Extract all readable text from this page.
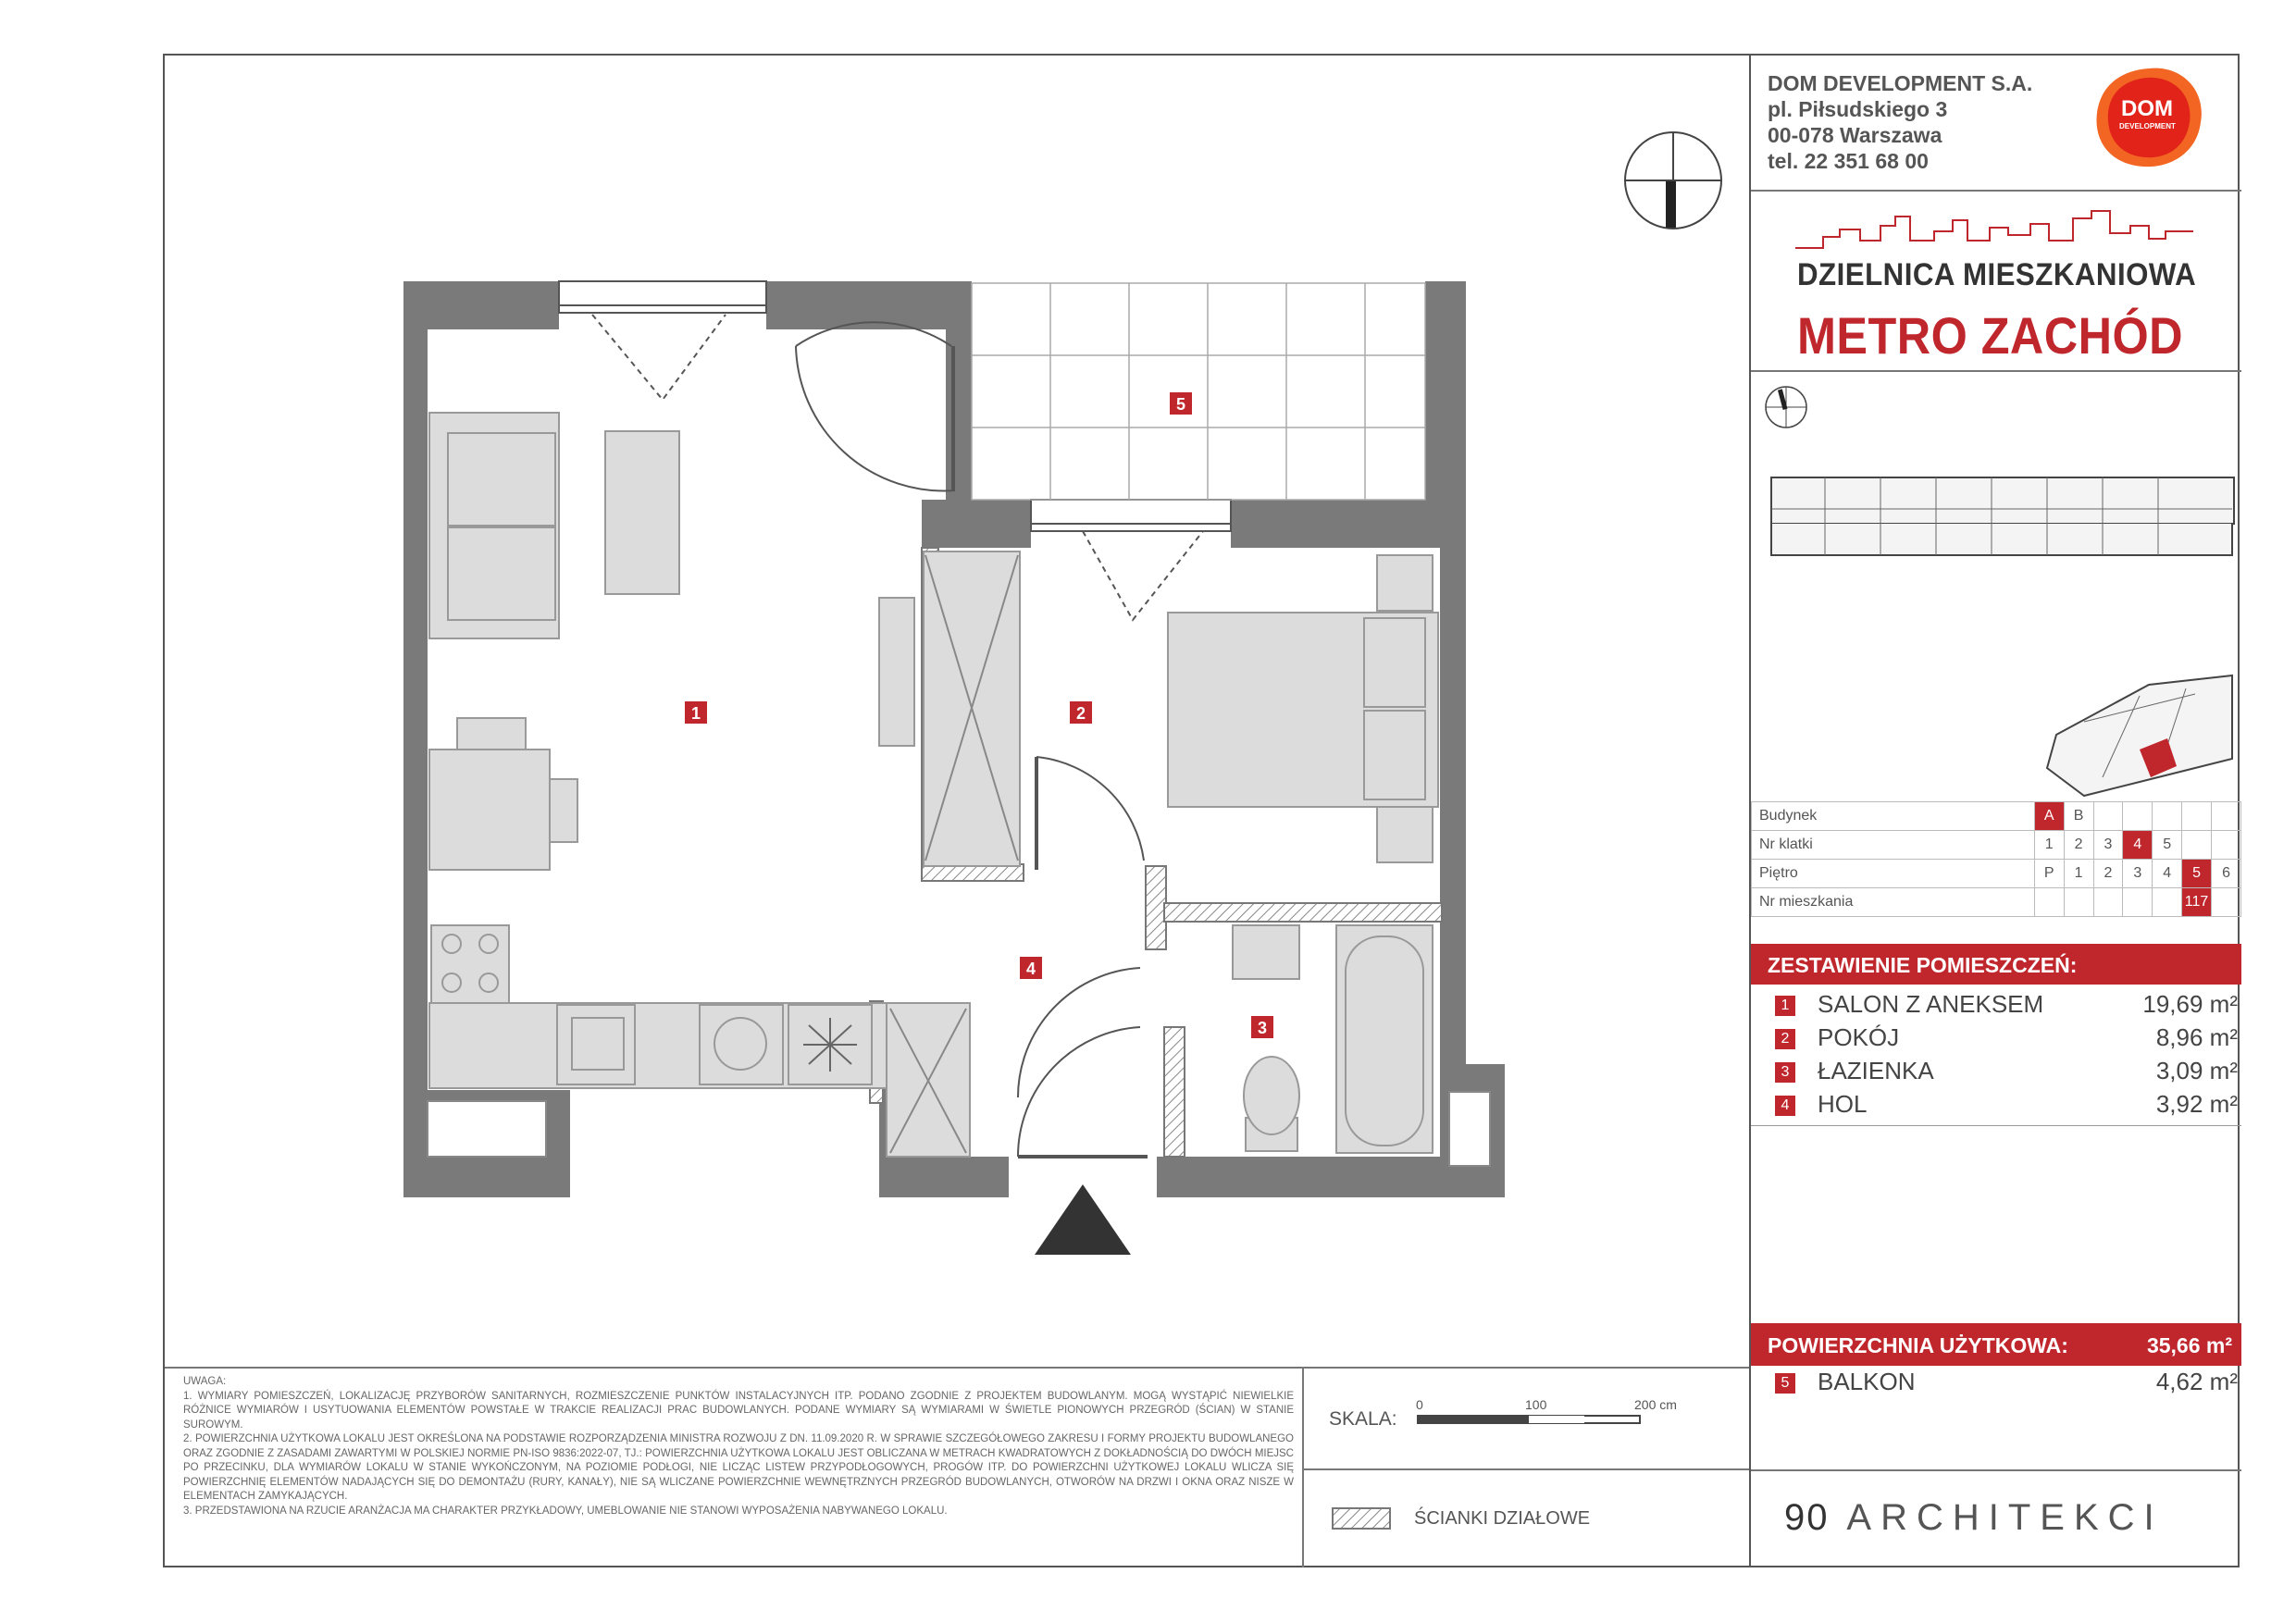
1	2
3
4
5
UWAGA:
1. WYMIARY POMIESZCZEŃ, LOKALIZACJĘ PRZYBORÓW SANITARNYCH, ROZMIESZCZENIE PUNKTÓW INSTALACYJNYCH ITP. PODANO ZGODNIE Z PROJEKTEM BUDOWLANYM. MOGĄ WYSTĄPIĆ NIEWIELKIE RÓŻNICE WYMIARÓW I USYTUOWANIA ELEMENTÓW POWSTAŁE W TRAKCIE REALIZACJI PRAC BUDOWLANYCH. PODANE WYMIARY SĄ WYMIARAMI W ŚWIETLE PIONOWYCH PRZEGRÓD (ŚCIAN) W STANIE SUROWYM.
2. POWIERZCHNIA UŻYTKOWA LOKALU JEST OKREŚLONA NA PODSTAWIE ROZPORZĄDZENIA MINISTRA ROZWOJU Z DN. 11.09.2020 R. W SPRAWIE SZCZEGÓŁOWEGO ZAKRESU I FORMY PROJEKTU BUDOWLANEGO ORAZ ZGODNIE Z ZASADAMI ZAWARTYMI W POLSKIEJ NORMIE PN-ISO 9836:2022-07, TJ.: POWIERZCHNIA UŻYTKOWA LOKALU JEST OBLICZANA W METRACH KWADRATOWYCH Z DOKŁADNOŚCIĄ DO DWÓCH MIEJSC PO PRZECINKU, DLA WYMIARÓW LOKALU W STANIE WYKOŃCZONYM, NA POZIOMIE PODŁOGI, NIE LICZĄC LISTEW PRZYPODŁOGOWYCH, PROGÓW ITP. DO POWIERZCHNI UŻYTKOWEJ LOKALU WLICZA SIĘ POWIERZCHNIĘ ELEMENTÓW NADAJĄCYCH SIĘ DO DEMONTAŻU (RURY, KANAŁY), NIE SĄ WLICZANE POWIERZCHNIE WEWNĘTRZNYCH PRZEGRÓD BUDOWLANYCH, OTWORÓW NA DRZWI I OKNA ORAZ NISZE W ELEMENTACH ZAMYKAJĄCYCH.
3. PRZEDSTAWIONA NA RZUCIE ARANŻACJA MA CHARAKTER PRZYKŁADOWY, UMEBLOWANIE NIE STANOWI WYPOSAŻENIA NABYWANEGO LOKALU.
SKALA:
0	100	200 cm
ŚCIANKI DZIAŁOWE
DOM DEVELOPMENT S.A.
pl. Piłsudskiego 3
00-078 Warszawa
tel. 22 351 68 00
DOM
DEVELOPMENT
DZIELNICA MIESZKANIOWA
METRO ZACHÓD
Budynek	A	B					
Nr klatki	1	2	3	4	5		
Piętro	P	1	2	3	4	5	6
Nr mieszkania						117	
ZESTAWIENIE POMIESZCZEŃ:
1 SALON Z ANEKSEM	19,69 m²
2 POKÓJ	8,96 m²
3 ŁAZIENKA	3,09 m²
4 HOL	3,92 m²
POWIERZCHNIA UŻYTKOWA:	35,66 m²
5 BALKON	4,62 m²
90 ARCHITEKCI
